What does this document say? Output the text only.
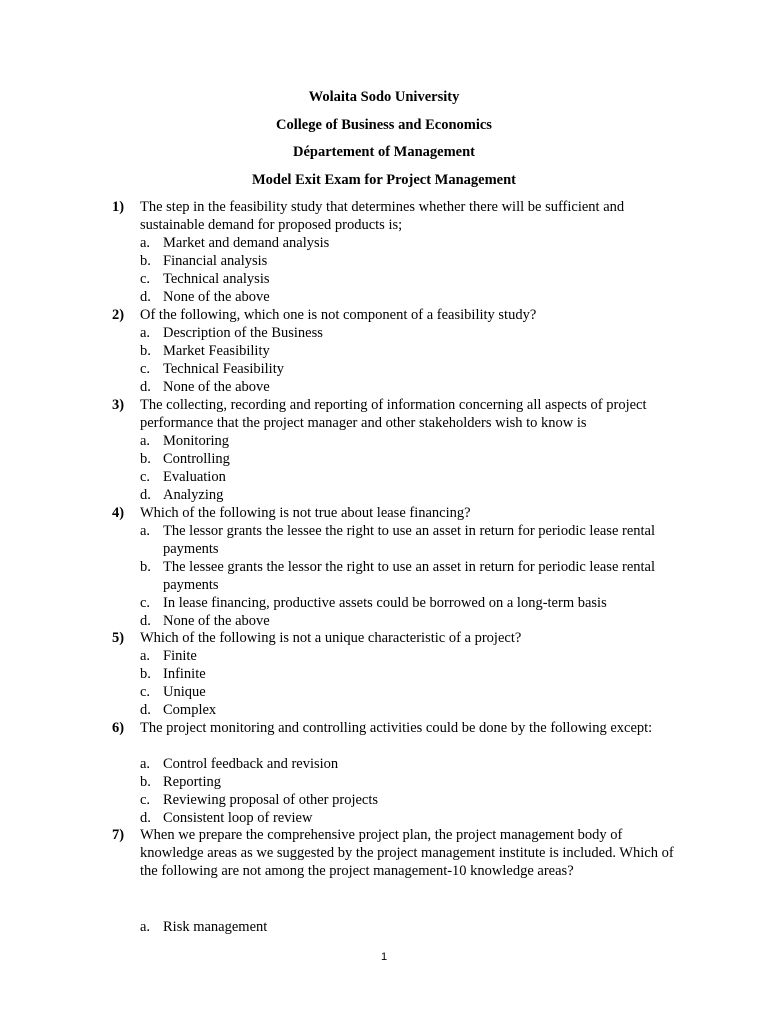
Wolaita Sodo University
College of Business and Economics
Département of Management
Model Exit Exam for Project Management
1)	The step in the feasibility study that determines whether there will be sufficient and sustainable demand for proposed products is;
a. Market and demand analysis
b. Financial analysis
c. Technical analysis
d. None of the above
2)	Of the following, which one is not component of a feasibility study?
a. Description of the Business
b. Market Feasibility
c. Technical Feasibility
d. None of the above
3)	The collecting, recording and reporting of information concerning all aspects of project performance that the project manager and other stakeholders wish to know is
a. Monitoring
b. Controlling
c. Evaluation
d. Analyzing
4)	Which of the following is not true about lease financing?
a. The lessor grants the lessee the right to use an asset in return for periodic lease rental payments
b. The lessee grants the lessor the right to use an asset in return for periodic lease rental payments
c. In lease financing, productive assets could be borrowed on a long-term basis
d. None of the above
5)	Which of the following is not a unique characteristic of a project?
a. Finite
b. Infinite
c. Unique
d. Complex
6)	The project monitoring and controlling activities could be done by the following except:
a. Control feedback and revision
b. Reporting
c. Reviewing proposal of other projects
d. Consistent loop of review
7)	When we prepare the comprehensive project plan, the project management body of knowledge areas as we suggested by the project management institute is included. Which of the following are not among the project management-10 knowledge areas?
a. Risk management
1
